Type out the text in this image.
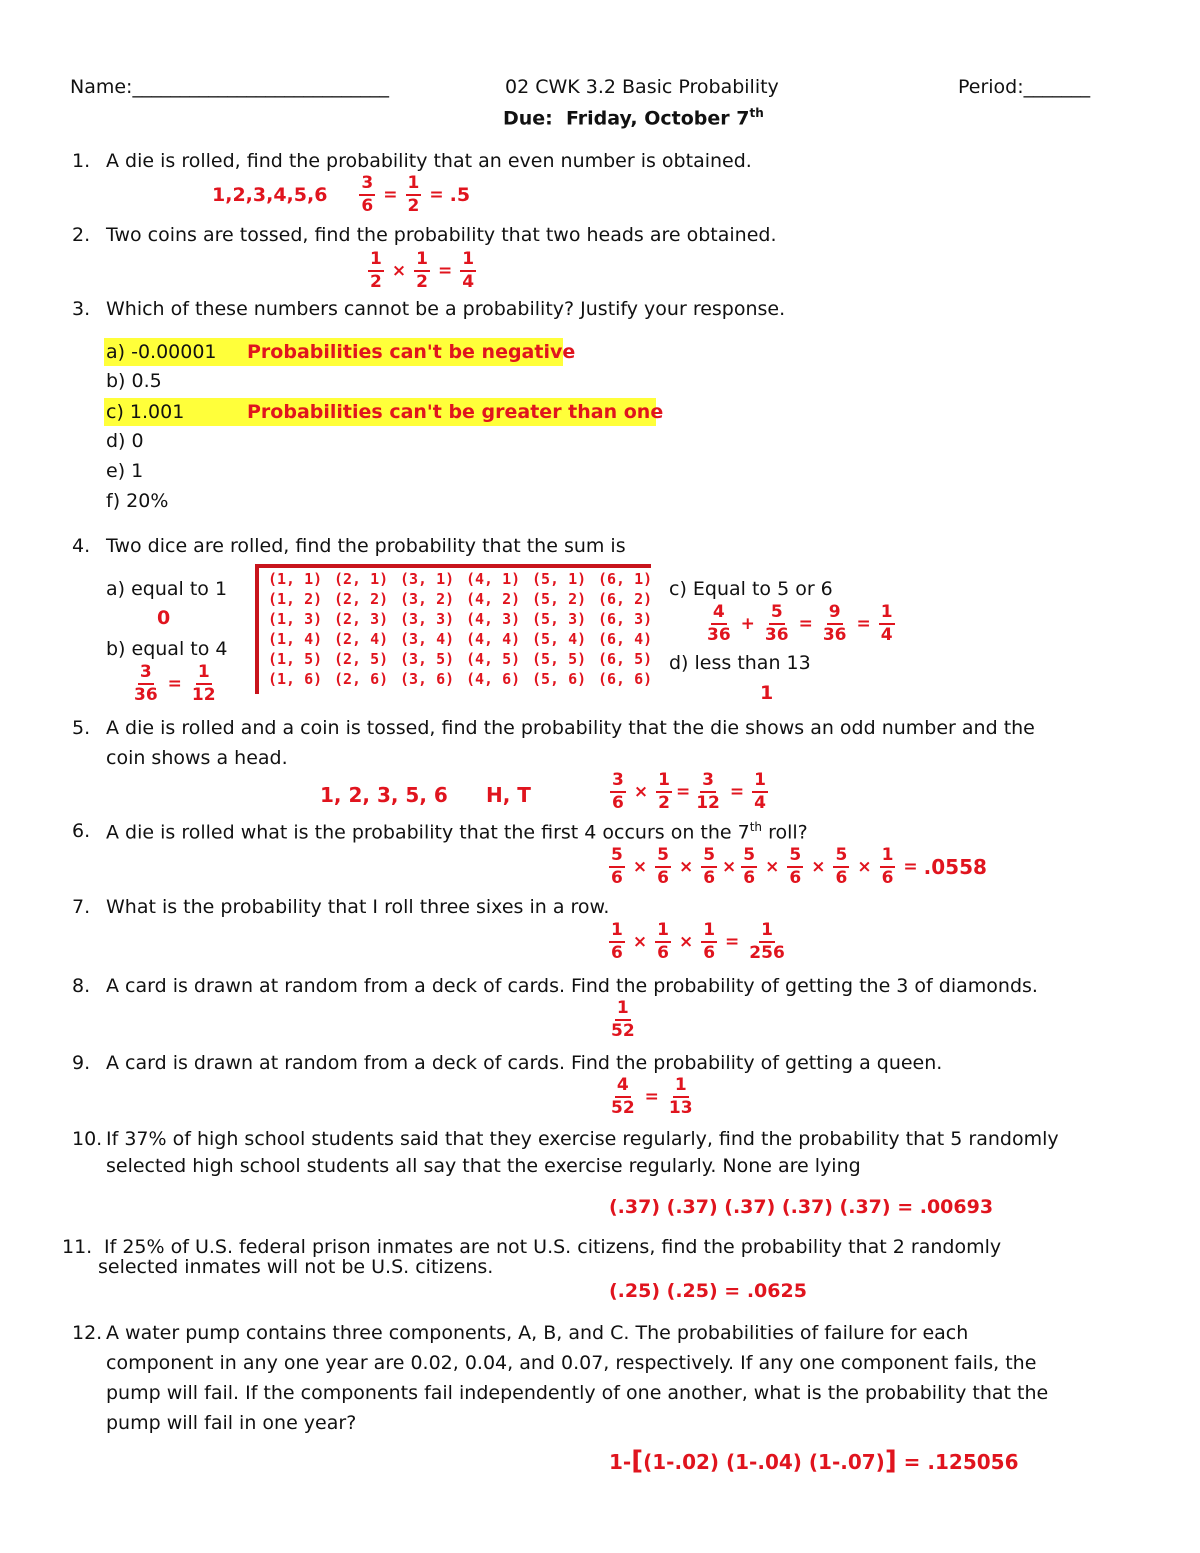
Name:___________________________	02 CWK 3.2 Basic Probability	Period:_______
Due: Friday, October 7th
1. A die is rolled, find the probability that an even number is obtained.
$1,2,3,4,5,6 \frac{3}{6} = \frac{1}{2} = .5$
2. Two coins are tossed, find the probability that two heads are obtained.
$\frac{1}{2} \times \frac{1}{2} = \frac{1}{4}$
3. Which of these numbers cannot be a probability? Justify your response.
a) -0.00001 Probabilities can't be negative
b) 0.5
c) 1.001	Probabilities can't be greater than one
d) 0
e) 1
f) 20%
4. Two dice are rolled, find the probability that the sum is
a) equal to 1
0
b) equal to 4
$\frac{3}{36} = \frac{1}{12}$
(1, 1) (2, 1) (3, 1) (4, 1) (5, 1) (6, 1)
(1, 2) (2, 2) (3, 2) (4, 2) (5, 2) (6, 2)
(1, 3) (2, 3) (3, 3) (4, 3) (5, 3) (6, 3)
(1, 4) (2, 4) (3, 4) (4, 4) (5, 4) (6, 4)
(1, 5) (2, 5) (3, 5) (4, 5) (5, 5) (6, 5)
(1, 6) (2, 6) (3, 6) (4, 6) (5, 6) (6, 6)
c) Equal to 5 or 6
$\frac{4}{36} + \frac{5}{36} = \frac{9}{36} = \frac{1}{4}$
d) less than 13
1
5. A die is rolled and a coin is tossed, find the probability that the die shows an odd number and the
coin shows a head.
1, 2, 3, 5, 6 H, T	$\frac{3}{6} \times \frac{1}{2} = \frac{3}{12} = \frac{1}{4}$
6. A die is rolled what is the probability that the first 4 occurs on the 7th roll?
$\frac{5}{6} \times \frac{5}{6} \times \frac{5}{6} \times \frac{5}{6} \times \frac{5}{6} \times \frac{5}{6} \times \frac{1}{6} = .0558$
7. What is the probability that I roll three sixes in a row.
$\frac{1}{6} \times \frac{1}{6} \times \frac{1}{6} = \frac{1}{256}$
8. A card is drawn at random from a deck of cards. Find the probability of getting the 3 of diamonds.
$\frac{1}{52}$
9. A card is drawn at random from a deck of cards. Find the probability of getting a queen.
$\frac{4}{52} = \frac{1}{13}$
10. If 37% of high school students said that they exercise regularly, find the probability that 5 randomly
selected high school students all say that the exercise regularly. None are lying
(.37) (.37) (.37) (.37) (.37) = .00693
11. If 25% of U.S. federal prison inmates are not U.S. citizens, find the probability that 2 randomly
selected inmates will not be U.S. citizens.
(.25) (.25) = .0625
12. A water pump contains three components, A, B, and C. The probabilities of failure for each
component in any one year are 0.02, 0.04, and 0.07, respectively. If any one component fails, the
pump will fail. If the components fail independently of one another, what is the probability that the
pump will fail in one year?
1-[(1-.02) (1-.04) (1-.07)] = .125056
